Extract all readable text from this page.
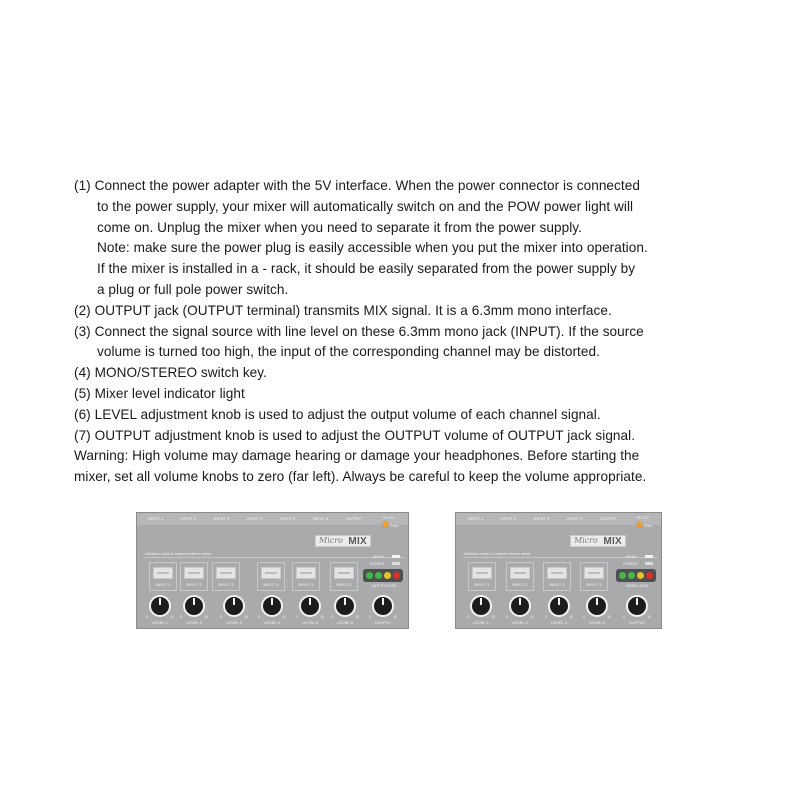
(1) Connect the power adapter with the 5V interface. When the power connector is connected
to the power supply, your mixer will automatically switch on and the POW power light will
come on. Unplug the mixer when you need to separate it from the power supply.
Note: make sure the power plug is easily accessible when you put the mixer into operation.
If the mixer is installed in a - rack, it should be easily separated from the power supply by
a plug or full pole power switch.
(2) OUTPUT jack (OUTPUT terminal) transmits MIX signal. It is a 6.3mm mono interface.
(3) Connect the signal source with line level on these 6.3mm mono jack (INPUT). If the source
volume is turned too high, the input of the corresponding channel may be distorted.
(4) MONO/STEREO switch key.
(5) Mixer level indicator light
(6) LEVEL adjustment knob is used to adjust the output volume of each channel signal.
(7) OUTPUT adjustment knob is used to adjust the OUTPUT volume of OUTPUT jack signal.
Warning: High volume may damage hearing or damage your headphones. Before starting the
mixer, set all volume knobs to zero (far left). Always be careful to keep the volume appropriate.
5V DC
Pow
Micro MIX
Ultralow noise 6 channel stereo mixer
MONO
STEREO
OUTPUT LEVEL
INPUT 1	INPUT 2	INPUT 3	INPUT 4	INPUT 5	INPUT 6	OUTPUT
INPUT 1	INPUT 2	INPUT 3	INPUT 4	INPUT 5	INPUT 6
0	10
LEVEL 1
0	10
LEVEL 2
0	10
LEVEL 3
0	10
LEVEL 4
0	10
LEVEL 5
0	10
LEVEL 6
0	10
OUTPUT
5V DC
Pow
Micro MIX
Ultralow noise 4 channel stereo mixer
MONO
STEREO
MONO LEVEL
INPUT 1	INPUT 2	INPUT 3	INPUT 4	OUTPUT
INPUT 1	INPUT 2	INPUT 3	INPUT 4
0	10
LEVEL 1
0	10
LEVEL 2
0	10
LEVEL 3
0	10
LEVEL 4
0	10
OUTPUT
